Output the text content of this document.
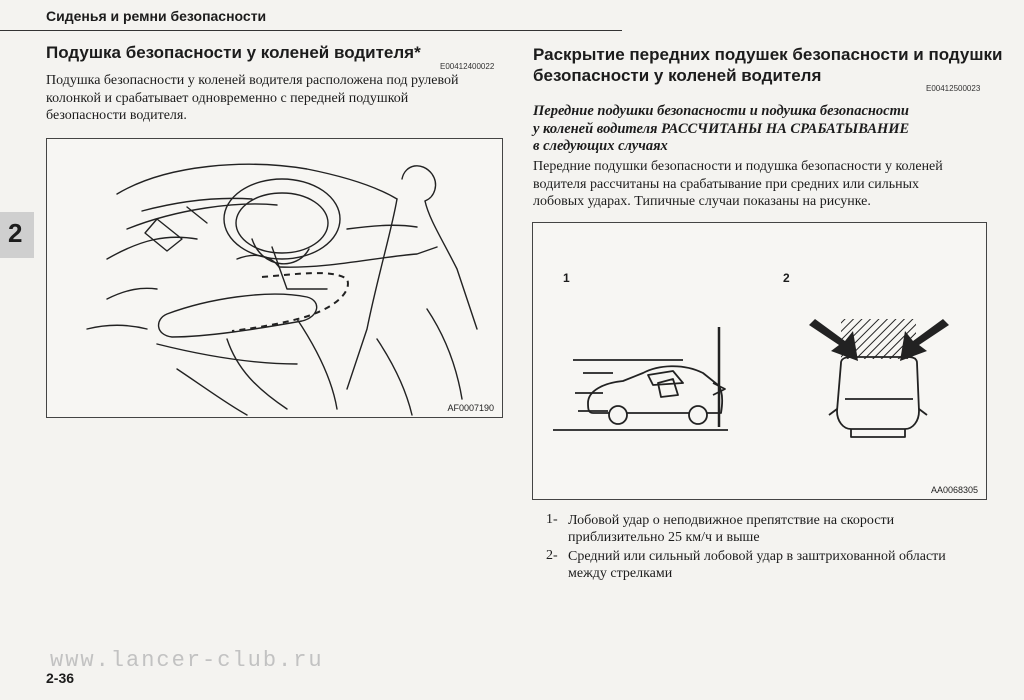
Сиденья и ремни безопасности
2
Подушка безопасности у коленей водителя*
E00412400022
Подушка безопасности у коленей водителя расположена под рулевой
колонкой и срабатывает одновременно с передней подушкой
безопасности водителя.
AF0007190
Раскрытие передних подушек безопасности и подушки
безопасности у коленей водителя
E00412500023
Передние подушки безопасности и подушка безопасности
у коленей водителя РАССЧИТАНЫ НА СРАБАТЫВАНИЕ
в следующих случаях
Передние подушки безопасности и подушка безопасности у коленей
водителя рассчитаны на срабатывание при средних или сильных
лобовых ударах. Типичные случаи показаны на рисунке.
1	2
AA0068305
1- Лобовой удар о неподвижное препятствие на скорости
приблизительно 25 км/ч и выше
2- Средний или сильный лобовой удар в заштрихованной области
между стрелками
www.lancer-club.ru
2-36
